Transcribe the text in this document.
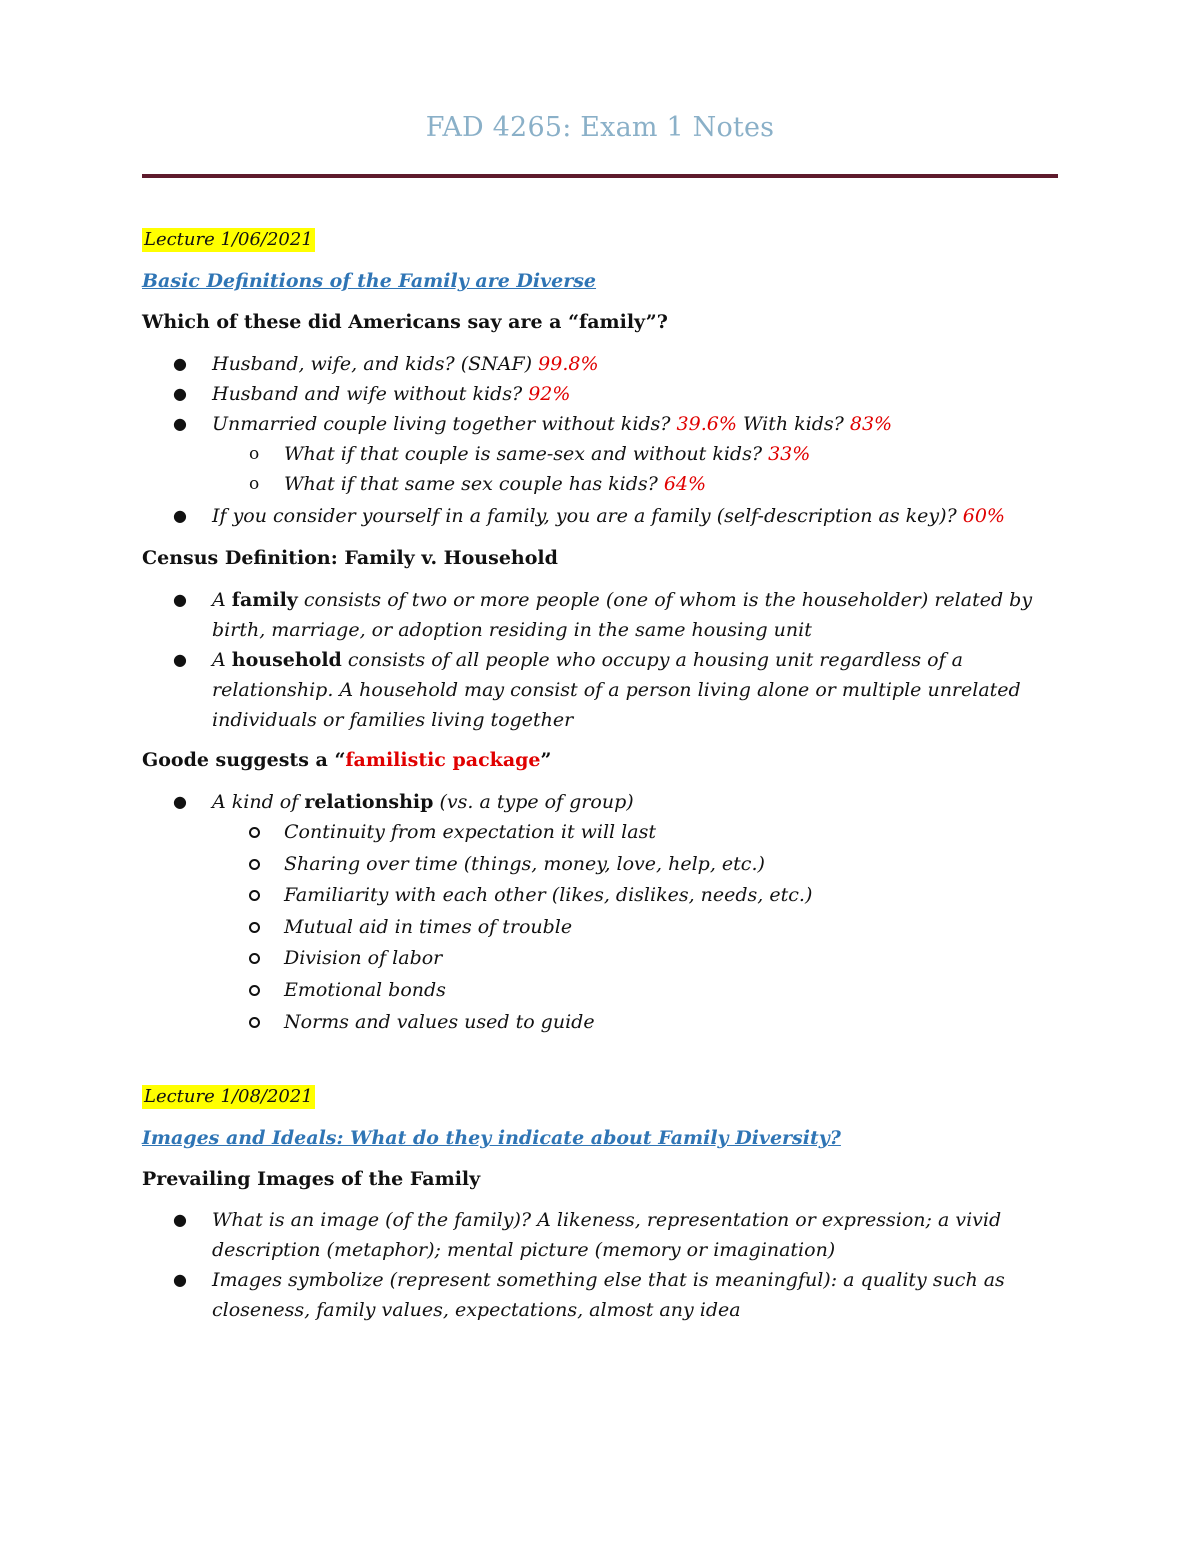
FAD 4265: Exam 1 Notes
Lecture 1/06/2021
Basic Definitions of the Family are Diverse
Which of these did Americans say are a “family”?
● Husband, wife, and kids? (SNAF) 99.8%
● Husband and wife without kids? 92%
● Unmarried couple living together without kids? 39.6% With kids? 83%
o What if that couple is same-sex and without kids? 33%
o What if that same sex couple has kids? 64%
● If you consider yourself in a family, you are a family (self-description as key)? 60%
Census Definition: Family v. Household
● A family consists of two or more people (one of whom is the householder) related by
birth, marriage, or adoption residing in the same housing unit
● A household consists of all people who occupy a housing unit regardless of a
relationship. A household may consist of a person living alone or multiple unrelated
individuals or families living together
Goode suggests a “familistic package”
● A kind of relationship (vs. a type of group)
Continuity from expectation it will last
Sharing over time (things, money, love, help, etc.)
Familiarity with each other (likes, dislikes, needs, etc.)
Mutual aid in times of trouble
Division of labor
Emotional bonds
Norms and values used to guide
Lecture 1/08/2021
Images and Ideals: What do they indicate about Family Diversity?
Prevailing Images of the Family
● What is an image (of the family)? A likeness, representation or expression; a vivid
description (metaphor); mental picture (memory or imagination)
● Images symbolize (represent something else that is meaningful): a quality such as
closeness, family values, expectations, almost any idea
